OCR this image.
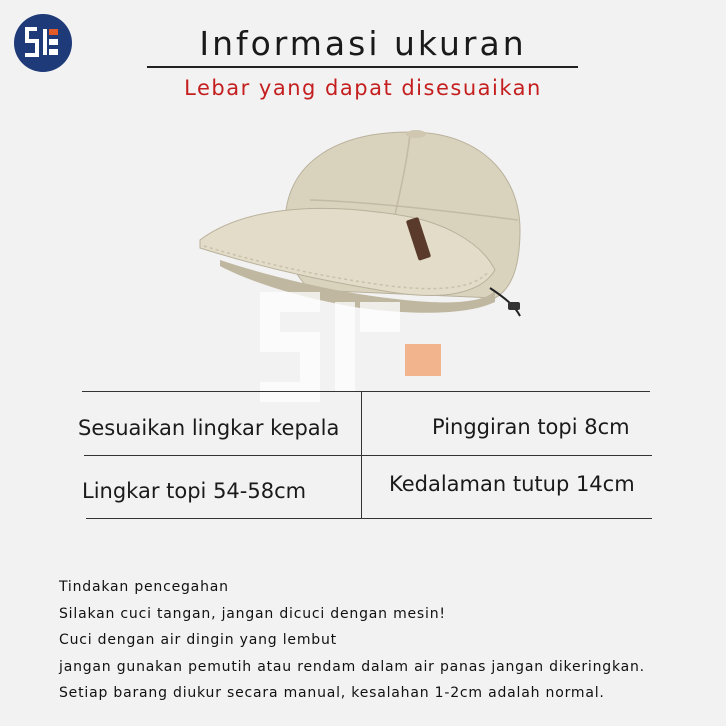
Informasi ukuran
Lebar yang dapat disesuaikan
Sesuaikan lingkar kepala	Pinggiran topi 8cm
Lingkar topi 54-58cm	Kedalaman tutup 14cm
Tindakan pencegahan
Silakan cuci tangan, jangan dicuci dengan mesin!
Cuci dengan air dingin yang lembut
jangan gunakan pemutih atau rendam dalam air panas jangan dikeringkan.
Setiap barang diukur secara manual, kesalahan 1-2cm adalah normal.
